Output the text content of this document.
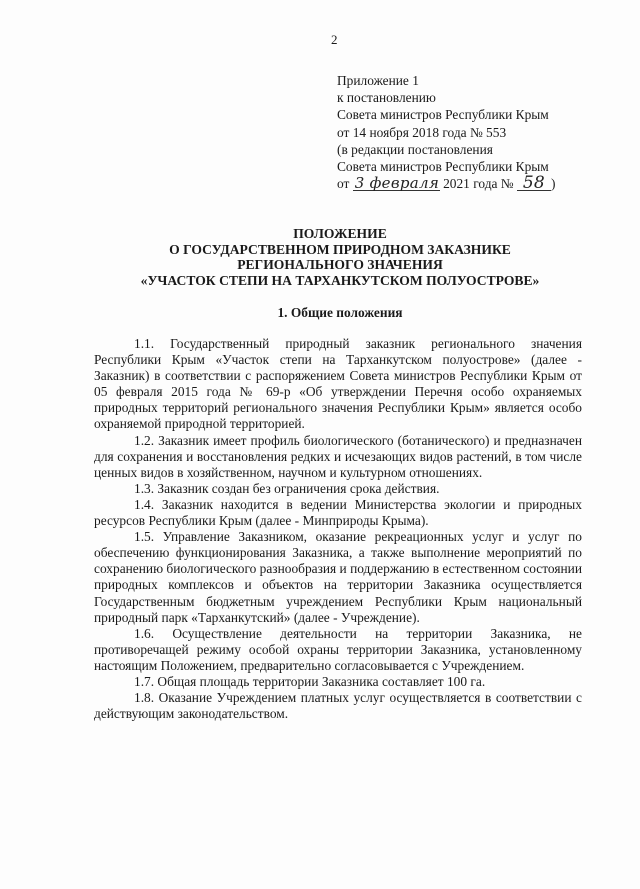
2
Приложение 1
к постановлению
Совета министров Республики Крым
от 14 ноября 2018 года № 553
(в редакции постановления
Совета министров Республики Крым
от 3 февраля 2021 года № 58 )
ПОЛОЖЕНИЕ
О ГОСУДАРСТВЕННОМ ПРИРОДНОМ ЗАКАЗНИКЕ
РЕГИОНАЛЬНОГО ЗНАЧЕНИЯ
«УЧАСТОК СТЕПИ НА ТАРХАНКУТСКОМ ПОЛУОСТРОВЕ»
1. Общие положения

1.1. Государственный природный заказник регионального значения Республики Крым «Участок степи на Тарханкутском полуострове» (далее - Заказник) в соответствии с распоряжением Совета министров Республики Крым от 05 февраля 2015 года № 69-р «Об утверждении Перечня особо охраняемых природных территорий регионального значения Республики Крым» является особо охраняемой природной территорией.

1.2. Заказник имеет профиль биологического (ботанического) и предназначен для сохранения и восстановления редких и исчезающих видов растений, в том числе ценных видов в хозяйственном, научном и культурном отношениях.

1.3. Заказник создан без ограничения срока действия.

1.4. Заказник находится в ведении Министерства экологии и природных ресурсов Республики Крым (далее - Минприроды Крыма).

1.5. Управление Заказником, оказание рекреационных услуг и услуг по обеспечению функционирования Заказника, а также выполнение мероприятий по сохранению биологического разнообразия и поддержанию в естественном состоянии природных комплексов и объектов на территории Заказника осуществляется Государственным бюджетным учреждением Республики Крым национальный природный парк «Тарханкутский» (далее - Учреждение).

1.6. Осуществление деятельности на территории Заказника, не противоречащей режиму особой охраны территории Заказника, установленному настоящим Положением, предварительно согласовывается с Учреждением.

1.7. Общая площадь территории Заказника составляет 100 га.

1.8. Оказание Учреждением платных услуг осуществляется в соответствии с действующим законодательством.
